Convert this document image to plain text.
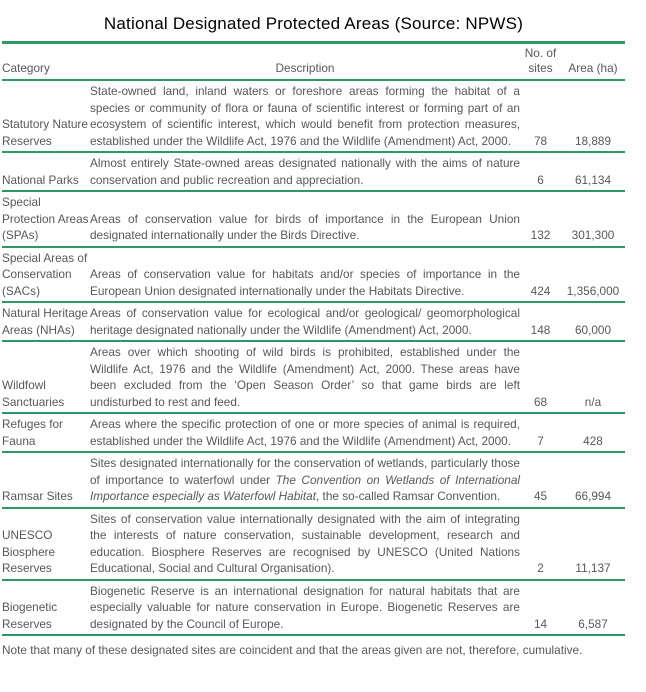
National Designated Protected Areas (Source: NPWS)
Category	Description	No. of sites	Area (ha)
Statutory Nature Reserves	State-owned land, inland waters or foreshore areas forming the habitat of a species or community of flora or fauna of scientific interest or forming part of an ecosystem of scientific interest, which would benefit from protection measures, established under the Wildlife Act, 1976 and the Wildlife (Amendment) Act, 2000.	78	18,889
National Parks	Almost entirely State-owned areas designated nationally with the aims of nature conservation and public recreation and appreciation.	6	61,134
Special Protection Areas (SPAs)	Areas of conservation value for birds of importance in the European Union designated internationally under the Birds Directive.	132	301,300
Special Areas of Conservation (SACs)	Areas of conservation value for habitats and/or species of importance in the European Union designated internationally under the Habitats Directive.	424	1,356,000
Natural Heritage Areas (NHAs)	Areas of conservation value for ecological and/or geological/ geomorphological heritage designated nationally under the Wildlife (Amendment) Act, 2000.	148	60,000
Wildfowl Sanctuaries	Areas over which shooting of wild birds is prohibited, established under the Wildlife Act, 1976 and the Wildlife (Amendment) Act, 2000. These areas have been excluded from the ‘Open Season Order’ so that game birds are left undisturbed to rest and feed.	68	n/a
Refuges for Fauna	Areas where the specific protection of one or more species of animal is required, established under the Wildlife Act, 1976 and the Wildlife (Amendment) Act, 2000.	7	428
Ramsar Sites	Sites designated internationally for the conservation of wetlands, particularly those of importance to waterfowl under The Convention on Wetlands of International Importance especially as Waterfowl Habitat, the so-called Ramsar Convention.	45	66,994
UNESCO Biosphere Reserves	Sites of conservation value internationally designated with the aim of integrating the interests of nature conservation, sustainable development, research and education. Biosphere Reserves are recognised by UNESCO (United Nations Educational, Social and Cultural Organisation).	2	11,137
Biogenetic Reserves	Biogenetic Reserve is an international designation for natural habitats that are especially valuable for nature conservation in Europe. Biogenetic Reserves are designated by the Council of Europe.	14	6,587

Note that many of these designated sites are coincident and that the areas given are not, therefore, cumulative.
